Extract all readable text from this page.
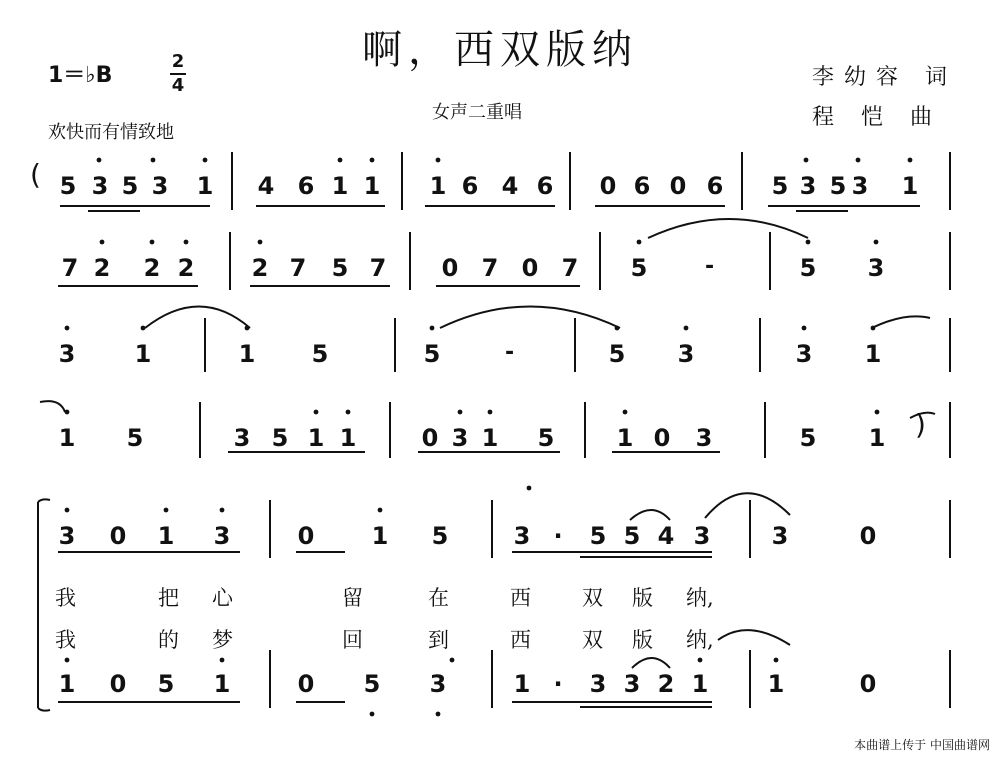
啊，西双版纳
1＝♭B
2
4
欢快而有情致地
女声二重唱
李幼容 词
程 恺 曲
(
)
5 3 5 3 1 4 6 1 1 1 6 4 6 0 6 0 6 5 3 5 3 1
7 2 2 2 2 7 5 7 0 7 0 7 5	-	5 3
3 1	1 5	5	-	5 3	3 1
1 5	3 5 1 1	0 3 1 5	1 0 3	5 1
3 0 1 3	0 1 5	3 · 5 5 4 3	3	0
我	把 心	留	在	西 双 版 纳,
我	的 梦	回	到	西 双 版 纳,
1 0 5 1	0 5 3	1 · 3 3 2 1 1	0
本曲谱上传于 中国曲谱网
